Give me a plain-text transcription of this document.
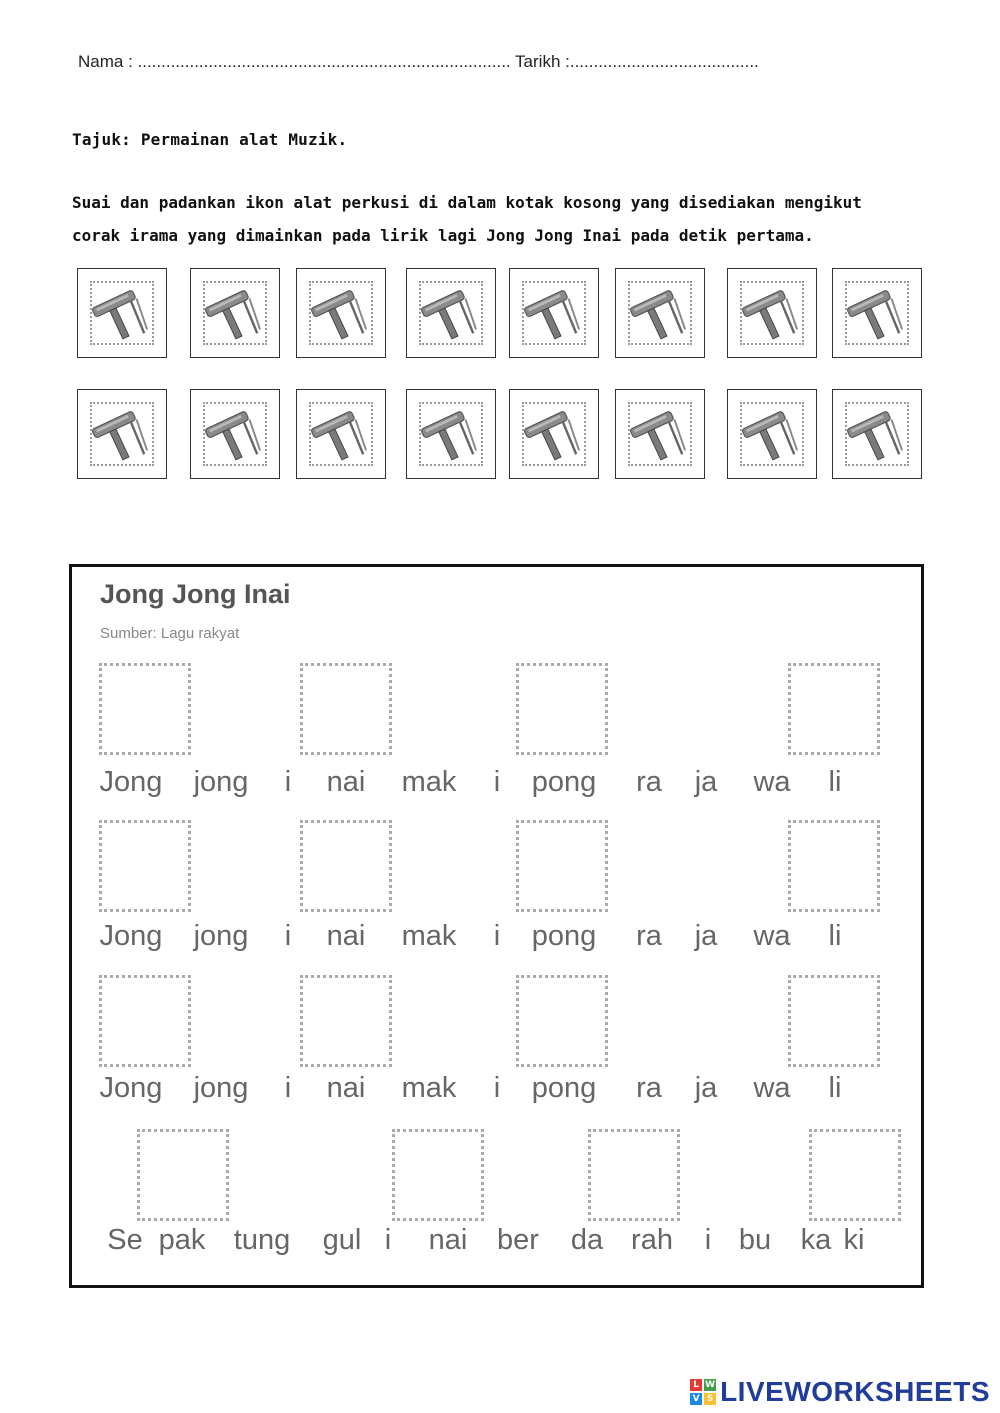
Nama : ............................................................................... Tarikh :........................................
Tajuk: Permainan alat Muzik.
Suai dan padankan ikon alat perkusi di dalam kotak kosong yang disediakan mengikut
corak irama yang dimainkan pada lirik lagi Jong Jong Inai pada detik pertama.
Jong Jong Inai
Sumber: Lagu rakyat
Jong jong i nai mak i pong ra ja wa li
Jong jong i nai mak i pong ra ja wa li
Jong jong i nai mak i pong ra ja wa li
Se pak tung gul i nai ber da rah i bu ka ki
L W
V S LIVEWORKSHEETS
